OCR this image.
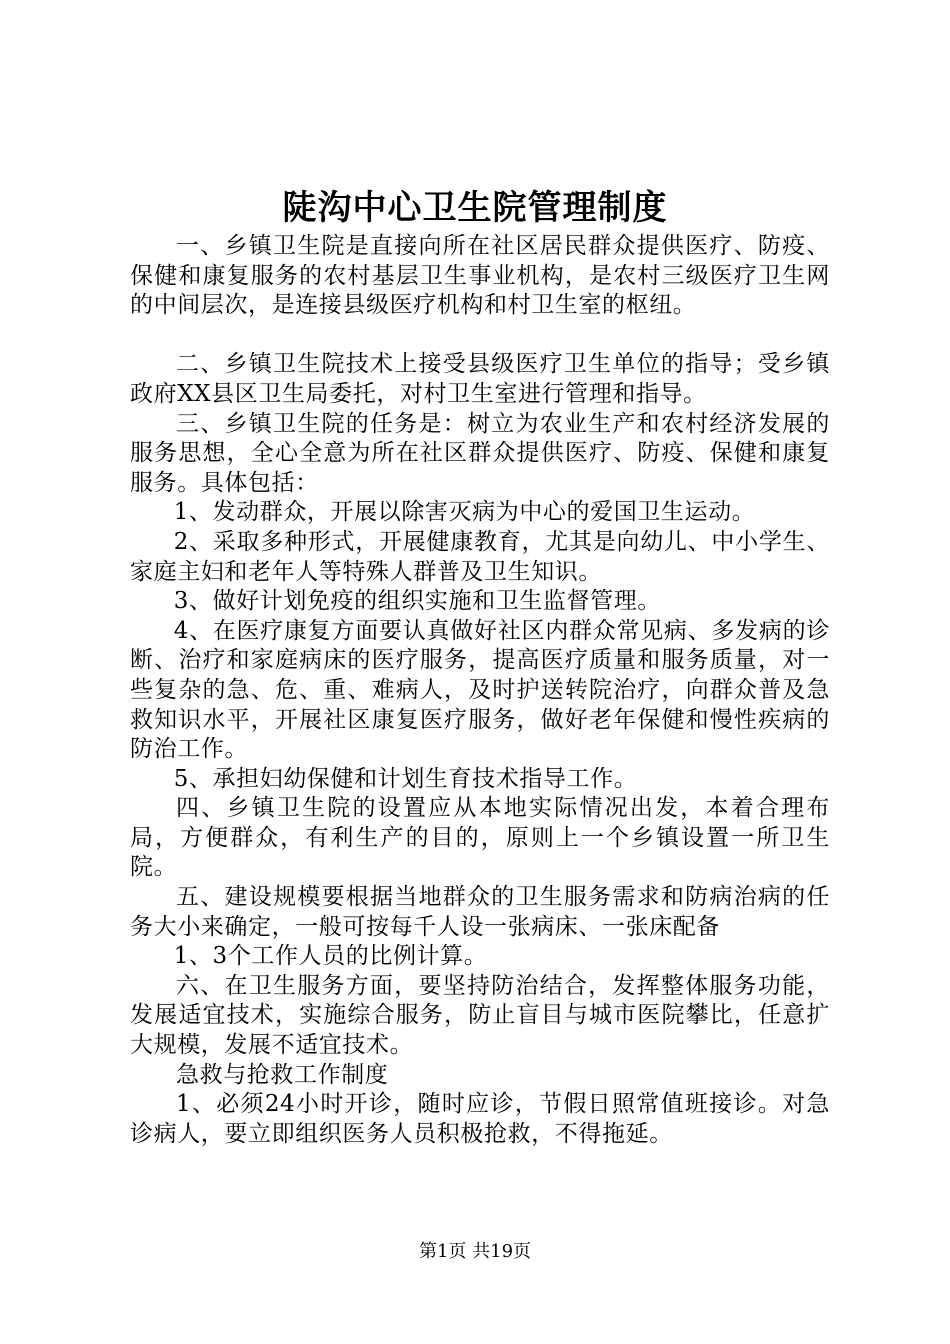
陡沟中心卫生院管理制度

一、乡镇卫生院是直接向所在社区居民群众提供医疗、防疫、保健和康复服务的农村基层卫生事业机构，是农村三级医疗卫生网的中间层次，是连接县级医疗机构和村卫生室的枢纽。

二、乡镇卫生院技术上接受县级医疗卫生单位的指导；受乡镇政府XX县区卫生局委托，对村卫生室进行管理和指导。

三、乡镇卫生院的任务是：树立为农业生产和农村经济发展的服务思想，全心全意为所在社区群众提供医疗、防疫、保健和康复服务。具体包括：

1、发动群众，开展以除害灭病为中心的爱国卫生运动。

2、采取多种形式，开展健康教育，尤其是向幼儿、中小学生、家庭主妇和老年人等特殊人群普及卫生知识。

3、做好计划免疫的组织实施和卫生监督管理。

4、在医疗康复方面要认真做好社区内群众常见病、多发病的诊断、治疗和家庭病床的医疗服务，提高医疗质量和服务质量，对一些复杂的急、危、重、难病人，及时护送转院治疗，向群众普及急救知识水平，开展社区康复医疗服务，做好老年保健和慢性疾病的防治工作。

5、承担妇幼保健和计划生育技术指导工作。

四、乡镇卫生院的设置应从本地实际情况出发，本着合理布局，方便群众，有利生产的目的，原则上一个乡镇设置一所卫生院。

五、建设规模要根据当地群众的卫生服务需求和防病治病的任务大小来确定，一般可按每千人设一张病床、一张床配备

1、3个工作人员的比例计算。

六、在卫生服务方面，要坚持防治结合，发挥整体服务功能，发展适宜技术，实施综合服务，防止盲目与城市医院攀比，任意扩大规模，发展不适宜技术。

急救与抢救工作制度

1、必须24小时开诊，随时应诊，节假日照常值班接诊。对急诊病人，要立即组织医务人员积极抢救，不得拖延。

第1页 共19页
